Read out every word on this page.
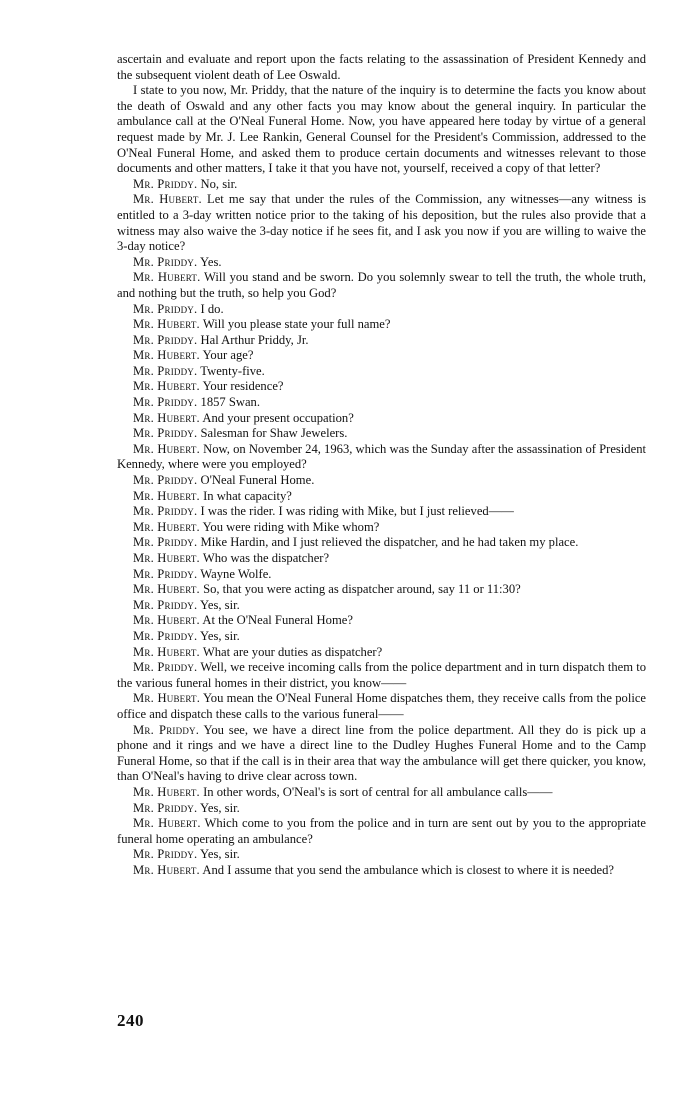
ascertain and evaluate and report upon the facts relating to the assassination of President Kennedy and the subsequent violent death of Lee Oswald.

I state to you now, Mr. Priddy, that the nature of the inquiry is to determine the facts you know about the death of Oswald and any other facts you may know about the general inquiry. In particular the ambulance call at the O'Neal Funeral Home. Now, you have appeared here today by virtue of a general request made by Mr. J. Lee Rankin, General Counsel for the President's Commission, addressed to the O'Neal Funeral Home, and asked them to produce certain documents and witnesses relevant to those documents and other matters, I take it that you have not, yourself, received a copy of that letter?

Mr. Priddy. No, sir.

Mr. Hubert. Let me say that under the rules of the Commission, any witnesses—any witness is entitled to a 3-day written notice prior to the taking of his deposition, but the rules also provide that a witness may also waive the 3-day notice if he sees fit, and I ask you now if you are willing to waive the 3-day notice?

Mr. Priddy. Yes.

Mr. Hubert. Will you stand and be sworn. Do you solemnly swear to tell the truth, the whole truth, and nothing but the truth, so help you God?

Mr. Priddy. I do.

Mr. Hubert. Will you please state your full name?

Mr. Priddy. Hal Arthur Priddy, Jr.

Mr. Hubert. Your age?

Mr. Priddy. Twenty-five.

Mr. Hubert. Your residence?

Mr. Priddy. 1857 Swan.

Mr. Hubert. And your present occupation?

Mr. Priddy. Salesman for Shaw Jewelers.

Mr. Hubert. Now, on November 24, 1963, which was the Sunday after the assassination of President Kennedy, where were you employed?

Mr. Priddy. O'Neal Funeral Home.

Mr. Hubert. In what capacity?

Mr. Priddy. I was the rider. I was riding with Mike, but I just relieved——

Mr. Hubert. You were riding with Mike whom?

Mr. Priddy. Mike Hardin, and I just relieved the dispatcher, and he had taken my place.

Mr. Hubert. Who was the dispatcher?

Mr. Priddy. Wayne Wolfe.

Mr. Hubert. So, that you were acting as dispatcher around, say 11 or 11:30?

Mr. Priddy. Yes, sir.

Mr. Hubert. At the O'Neal Funeral Home?

Mr. Priddy. Yes, sir.

Mr. Hubert. What are your duties as dispatcher?

Mr. Priddy. Well, we receive incoming calls from the police department and in turn dispatch them to the various funeral homes in their district, you know——

Mr. Hubert. You mean the O'Neal Funeral Home dispatches them, they receive calls from the police office and dispatch these calls to the various funeral——

Mr. Priddy. You see, we have a direct line from the police department. All they do is pick up a phone and it rings and we have a direct line to the Dudley Hughes Funeral Home and to the Camp Funeral Home, so that if the call is in their area that way the ambulance will get there quicker, you know, than O'Neal's having to drive clear across town.

Mr. Hubert. In other words, O'Neal's is sort of central for all ambulance calls——

Mr. Priddy. Yes, sir.

Mr. Hubert. Which come to you from the police and in turn are sent out by you to the appropriate funeral home operating an ambulance?

Mr. Priddy. Yes, sir.

Mr. Hubert. And I assume that you send the ambulance which is closest to where it is needed?

240
